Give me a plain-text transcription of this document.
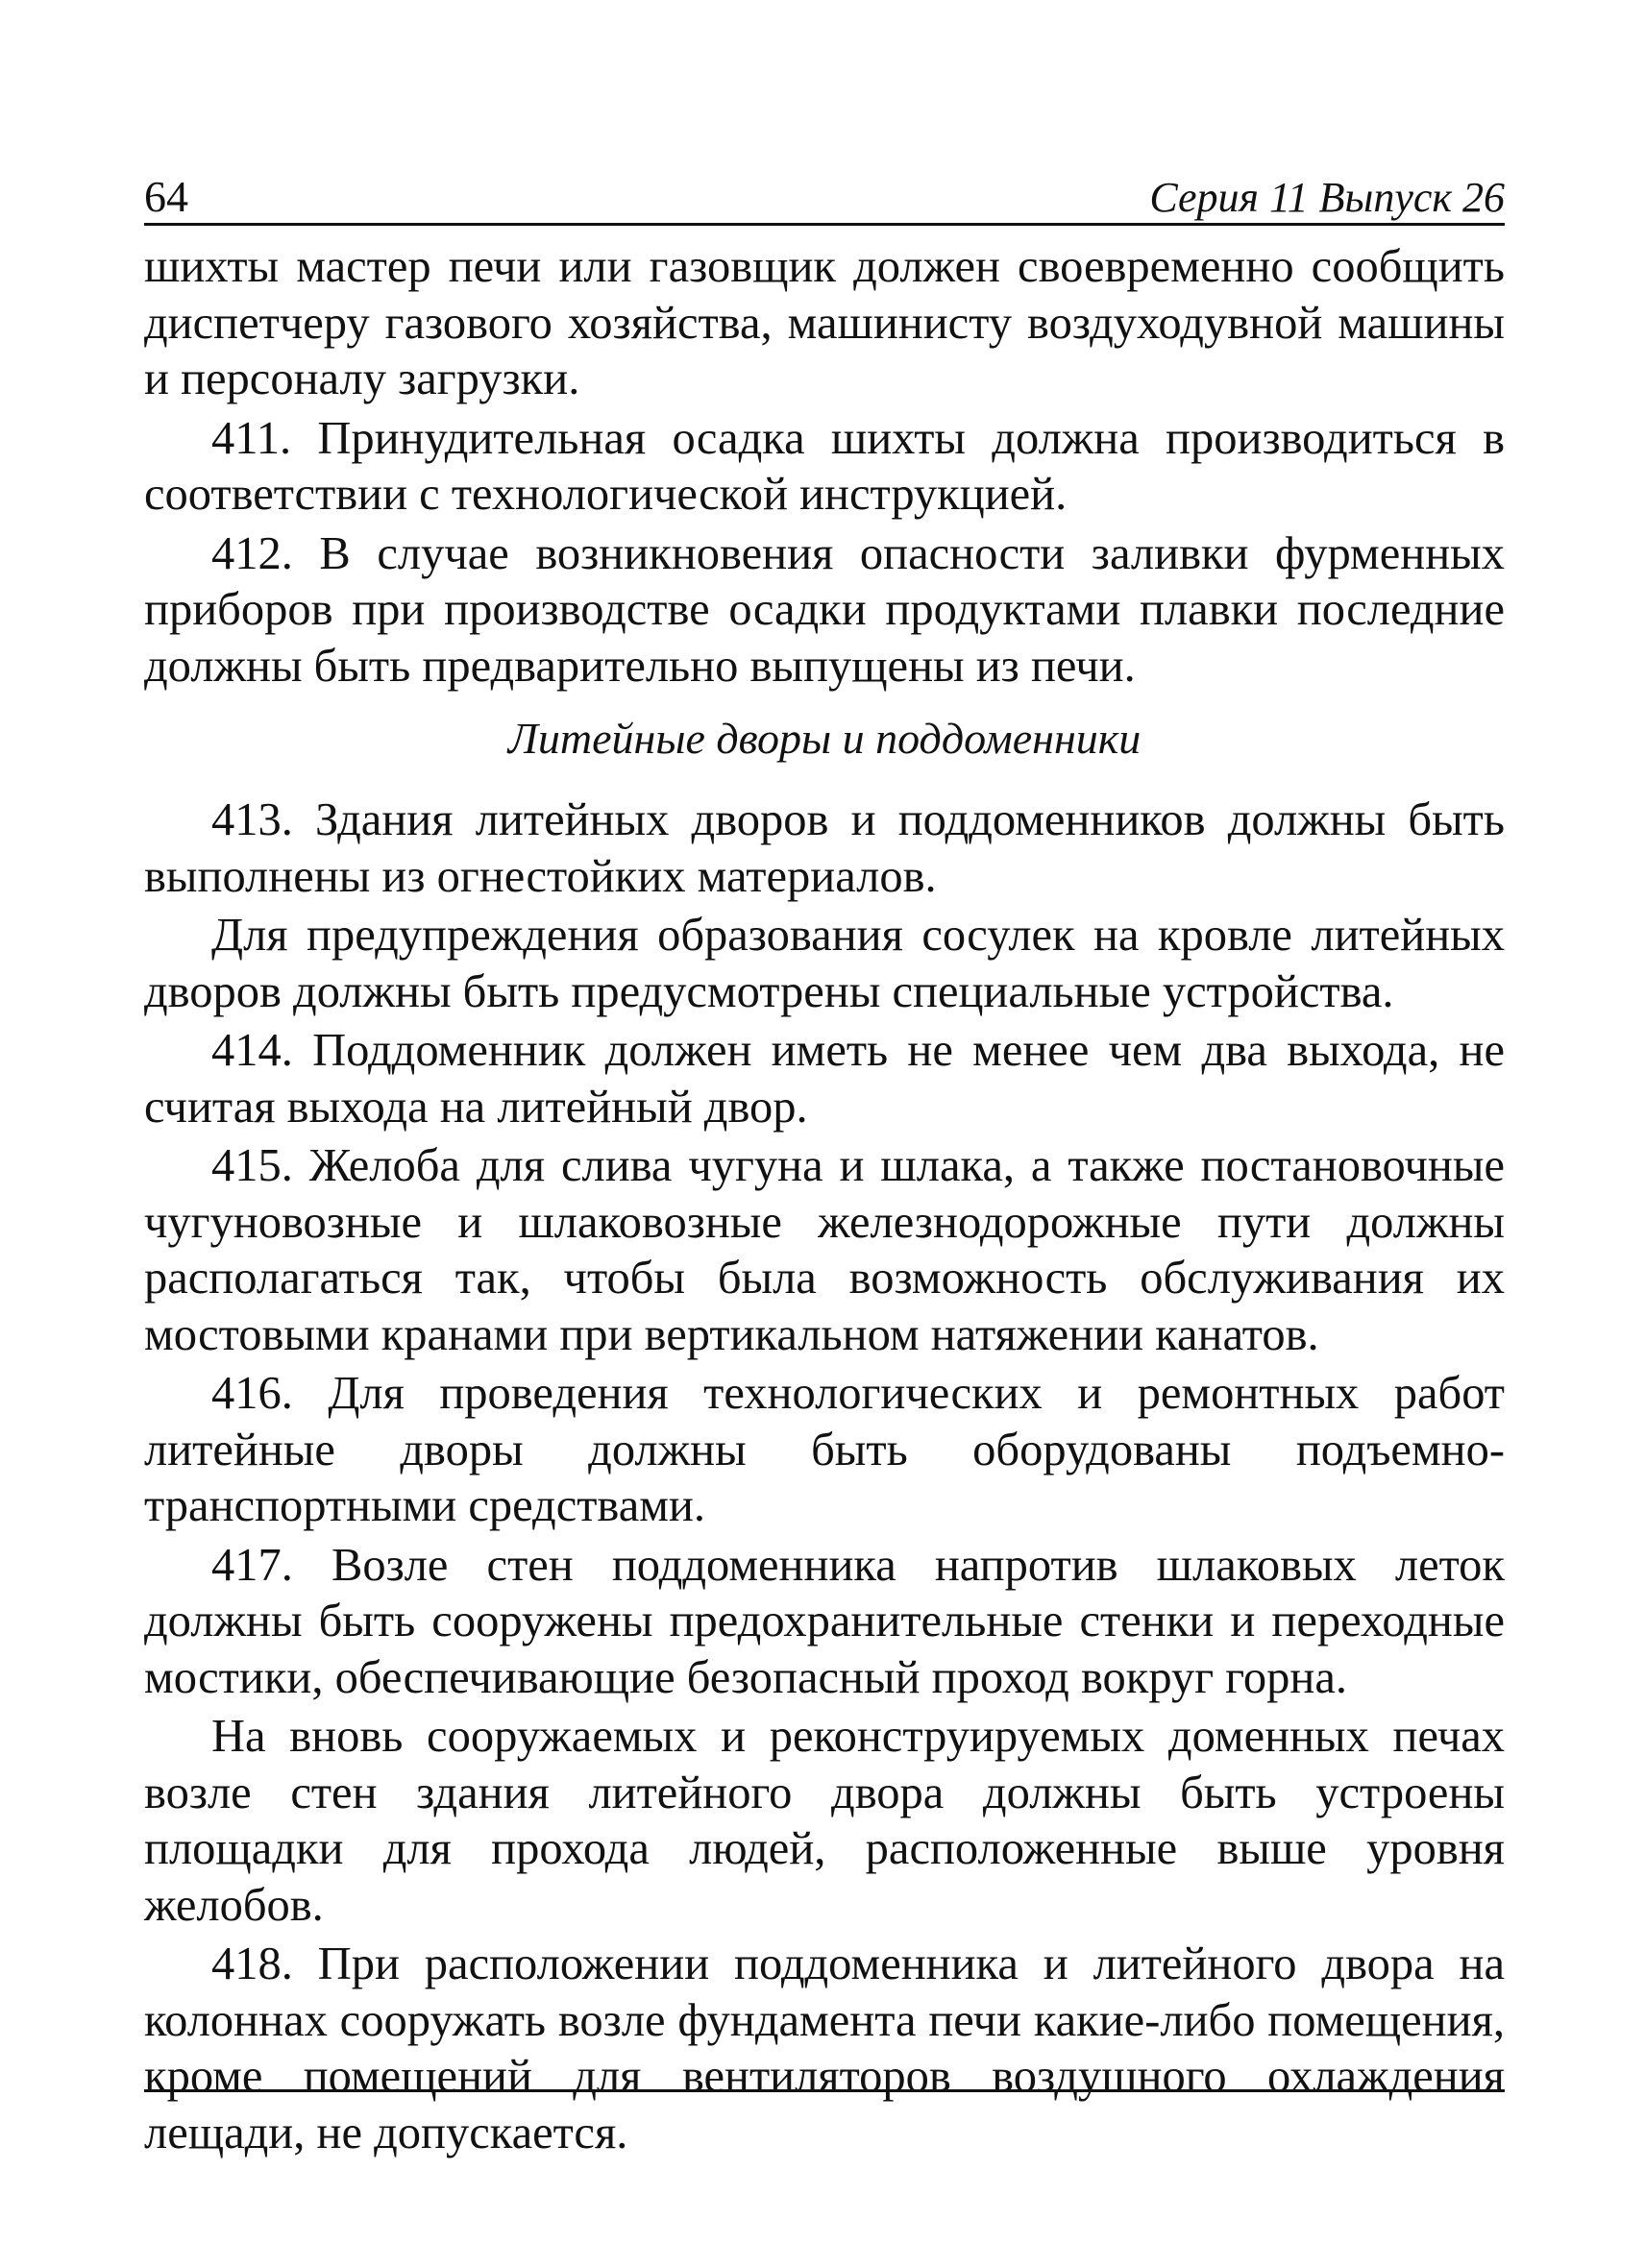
64	Серия 11 Выпуск 26

шихты мастер печи или газовщик должен своевременно сообщить диспетчеру газового хозяйства, машинисту воздуходувной машины и персоналу загрузки.

411. Принудительная осадка шихты должна производиться в соответствии с технологической инструкцией.

412. В случае возникновения опасности заливки фурменных приборов при производстве осадки продуктами плавки последние должны быть предварительно выпущены из печи.

Литейные дворы и поддоменники

413. Здания литейных дворов и поддоменников должны быть выполнены из огнестойких материалов.

Для предупреждения образования сосулек на кровле литейных дворов должны быть предусмотрены специальные устройства.

414. Поддоменник должен иметь не менее чем два выхода, не считая выхода на литейный двор.

415. Желоба для слива чугуна и шлака, а также постановочные чугуновозные и шлаковозные железнодорожные пути должны располагаться так, чтобы была возможность обслуживания их мостовыми кранами при вертикальном натяжении канатов.

416. Для проведения технологических и ремонтных работ литейные дворы должны быть оборудованы подъемно-транспортными средствами.

417. Возле стен поддоменника напротив шлаковых леток должны быть сооружены предохранительные стенки и переходные мостики, обеспечивающие безопасный проход вокруг горна.

На вновь сооружаемых и реконструируемых доменных печах возле стен здания литейного двора должны быть устроены площадки для прохода людей, расположенные выше уровня желобов.

418. При расположении поддоменника и литейного двора на колоннах сооружать возле фундамента печи какие-либо помещения, кроме помещений для вентиляторов воздушного охлаждения лещади, не допускается.
